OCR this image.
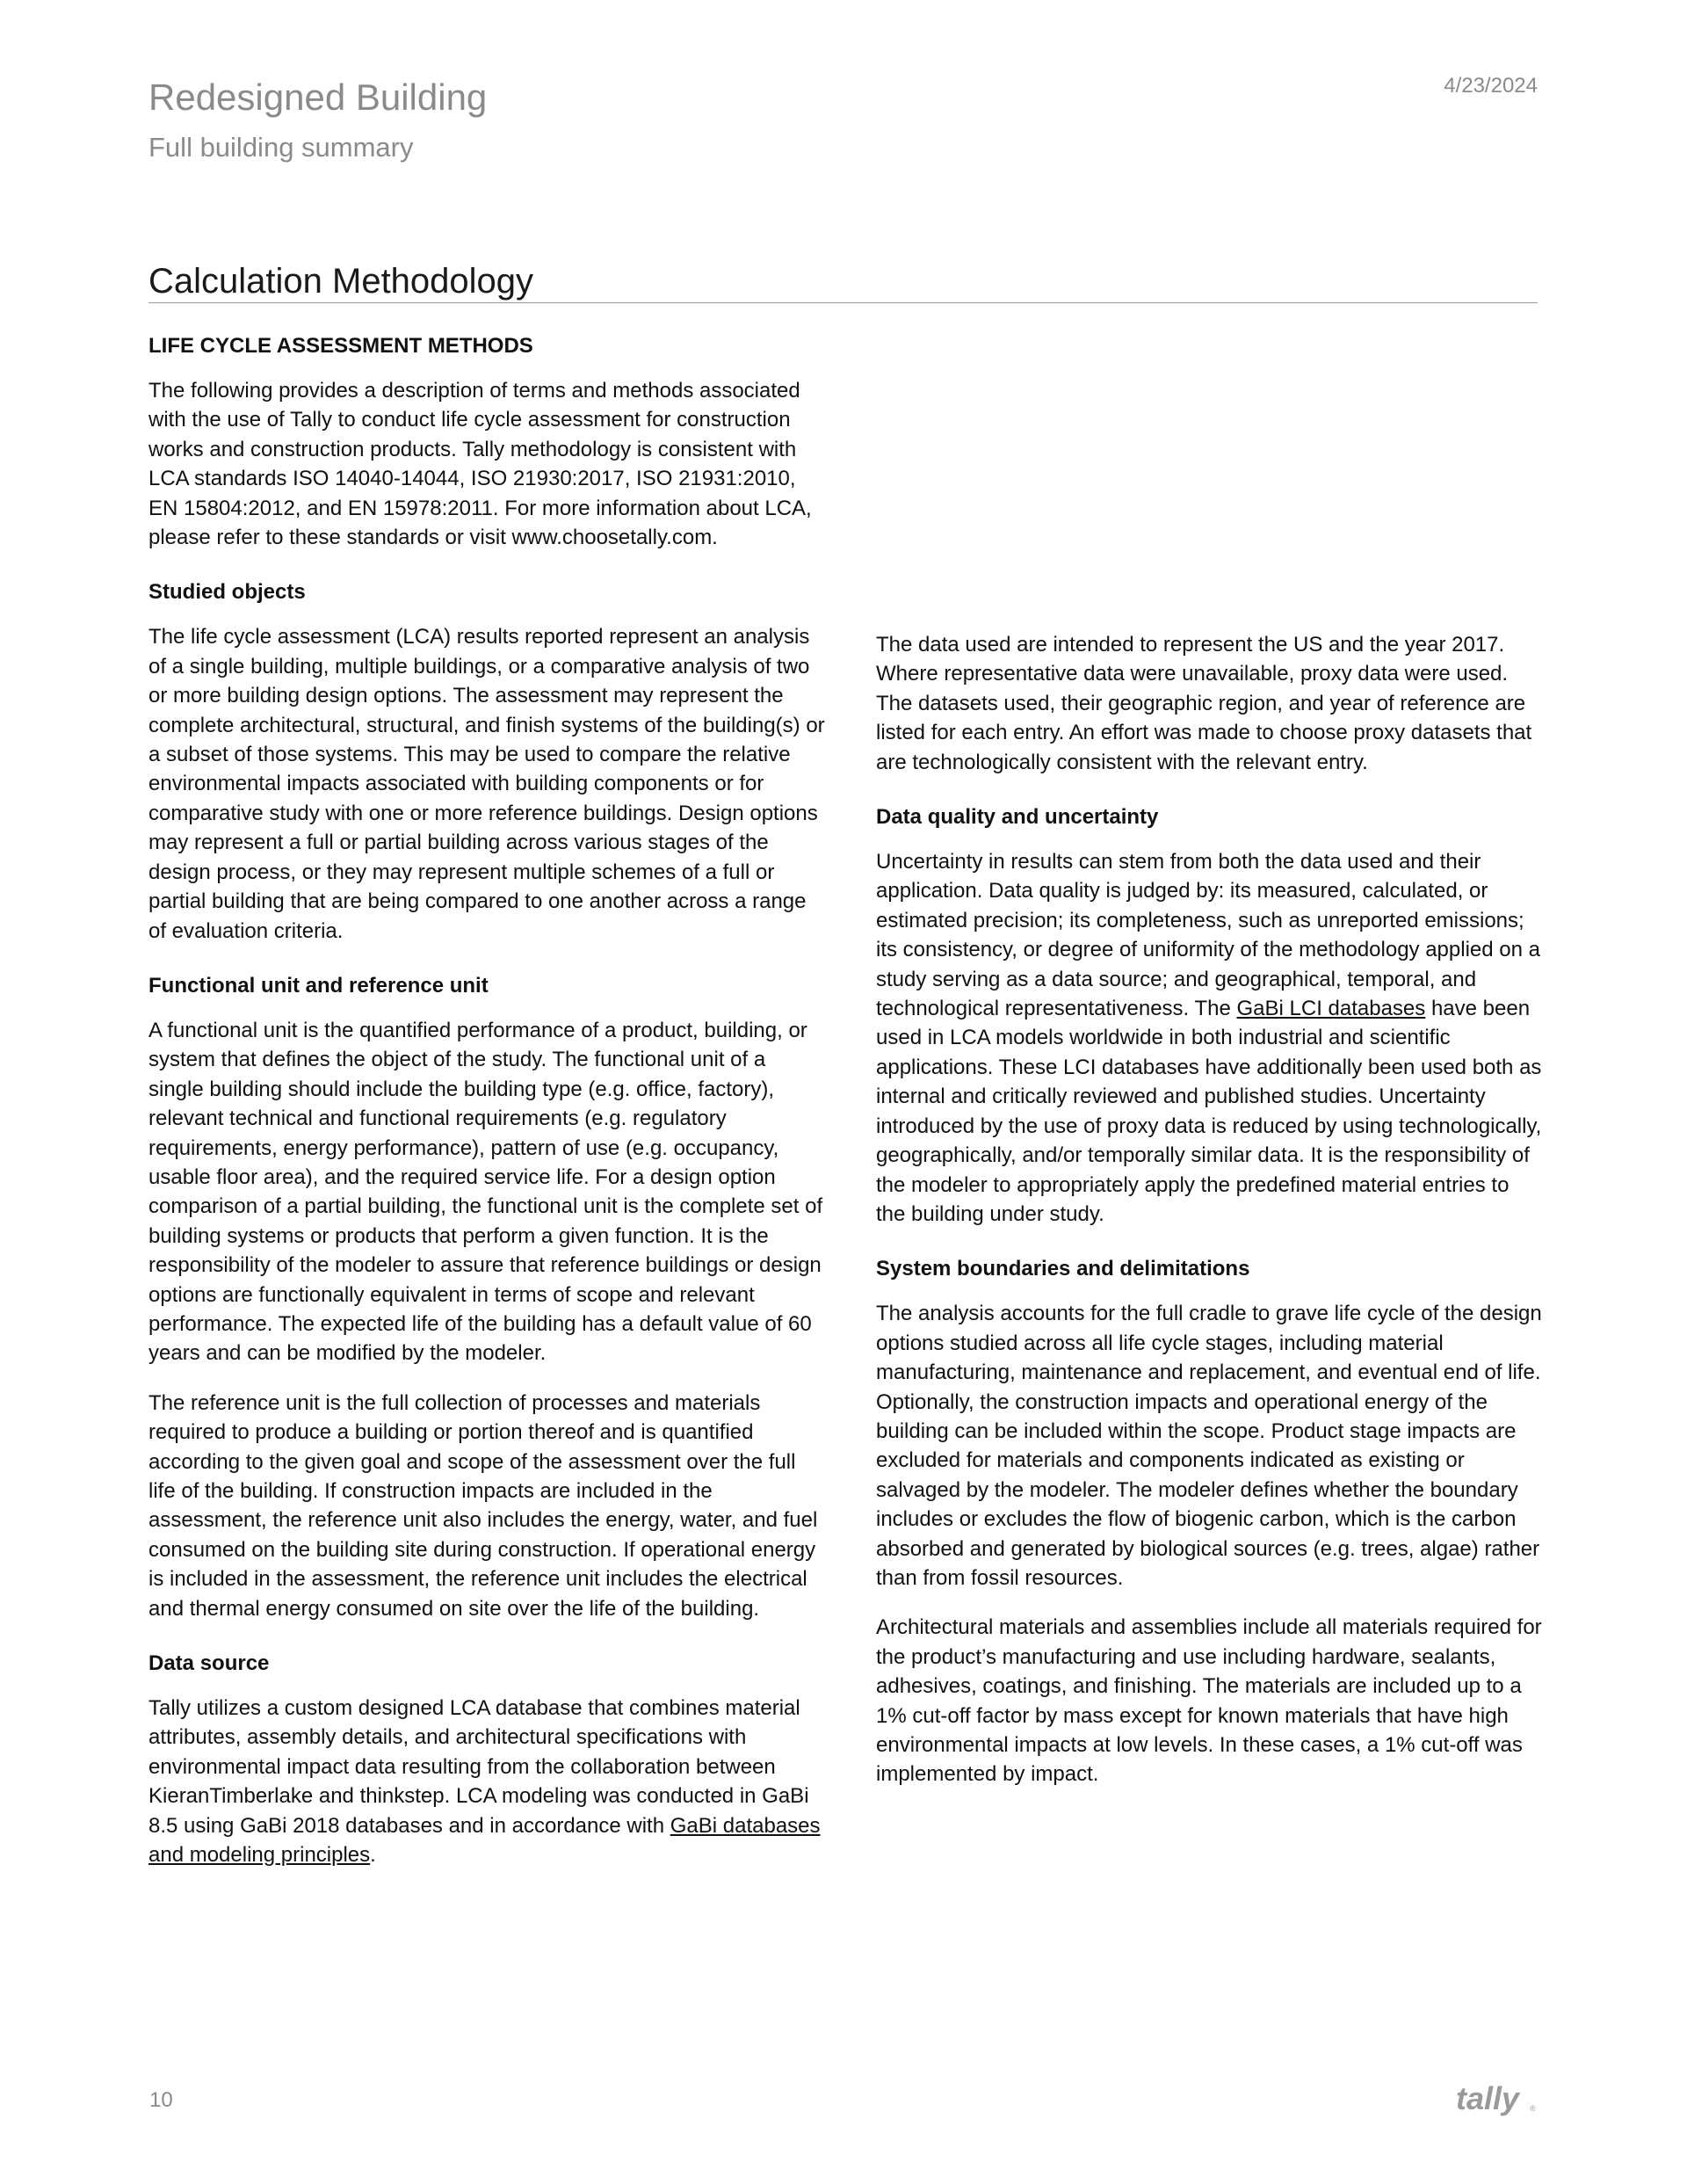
Redesigned Building
Full building summary
4/23/2024
Calculation Methodology
LIFE CYCLE ASSESSMENT METHODS

The following provides a description of terms and methods associated with the use of Tally to conduct life cycle assessment for construction works and construction products. Tally methodology is consistent with LCA standards ISO 14040-14044, ISO 21930:2017, ISO 21931:2010, EN 15804:2012, and EN 15978:2011. For more information about LCA, please refer to these standards or visit www.choosetally.com.

Studied objects

The life cycle assessment (LCA) results reported represent an analysis of a single building, multiple buildings, or a comparative analysis of two or more building design options. The assessment may represent the complete architectural, structural, and finish systems of the building(s) or a subset of those systems. This may be used to compare the relative environmental impacts associated with building components or for comparative study with one or more reference buildings. Design options may represent a full or partial building across various stages of the design process, or they may represent multiple schemes of a full or partial building that are being compared to one another across a range of evaluation criteria.

Functional unit and reference unit

A functional unit is the quantified performance of a product, building, or system that defines the object of the study. The functional unit of a single building should include the building type (e.g. office, factory), relevant technical and functional requirements (e.g. regulatory requirements, energy performance), pattern of use (e.g. occupancy, usable floor area), and the required service life. For a design option comparison of a partial building, the functional unit is the complete set of building systems or products that perform a given function. It is the responsibility of the modeler to assure that reference buildings or design options are functionally equivalent in terms of scope and relevant performance. The expected life of the building has a default value of 60 years and can be modified by the modeler.

The reference unit is the full collection of processes and materials required to produce a building or portion thereof and is quantified according to the given goal and scope of the assessment over the full life of the building. If construction impacts are included in the assessment, the reference unit also includes the energy, water, and fuel consumed on the building site during construction. If operational energy is included in the assessment, the reference unit includes the electrical and thermal energy consumed on site over the life of the building.

Data source

Tally utilizes a custom designed LCA database that combines material attributes, assembly details, and architectural specifications with environmental impact data resulting from the collaboration between KieranTimberlake and thinkstep. LCA modeling was conducted in GaBi 8.5 using GaBi 2018 databases and in accordance with GaBi databases and modeling principles.

The data used are intended to represent the US and the year 2017. Where representative data were unavailable, proxy data were used. The datasets used, their geographic region, and year of reference are listed for each entry. An effort was made to choose proxy datasets that are technologically consistent with the relevant entry.

Data quality and uncertainty

Uncertainty in results can stem from both the data used and their application. Data quality is judged by: its measured, calculated, or estimated precision; its completeness, such as unreported emissions; its consistency, or degree of uniformity of the methodology applied on a study serving as a data source; and geographical, temporal, and technological representativeness. The GaBi LCI databases have been used in LCA models worldwide in both industrial and scientific applications. These LCI databases have additionally been used both as internal and critically reviewed and published studies. Uncertainty introduced by the use of proxy data is reduced by using technologically, geographically, and/or temporally similar data. It is the responsibility of the modeler to appropriately apply the predefined material entries to the building under study.

System boundaries and delimitations

The analysis accounts for the full cradle to grave life cycle of the design options studied across all life cycle stages, including material manufacturing, maintenance and replacement, and eventual end of life. Optionally, the construction impacts and operational energy of the building can be included within the scope. Product stage impacts are excluded for materials and components indicated as existing or salvaged by the modeler. The modeler defines whether the boundary includes or excludes the flow of biogenic carbon, which is the carbon absorbed and generated by biological sources (e.g. trees, algae) rather than from fossil resources.

Architectural materials and assemblies include all materials required for the product’s manufacturing and use including hardware, sealants, adhesives, coatings, and finishing. The materials are included up to a 1% cut-off factor by mass except for known materials that have high environmental impacts at low levels. In these cases, a 1% cut-off was implemented by impact.

10	tally ®
